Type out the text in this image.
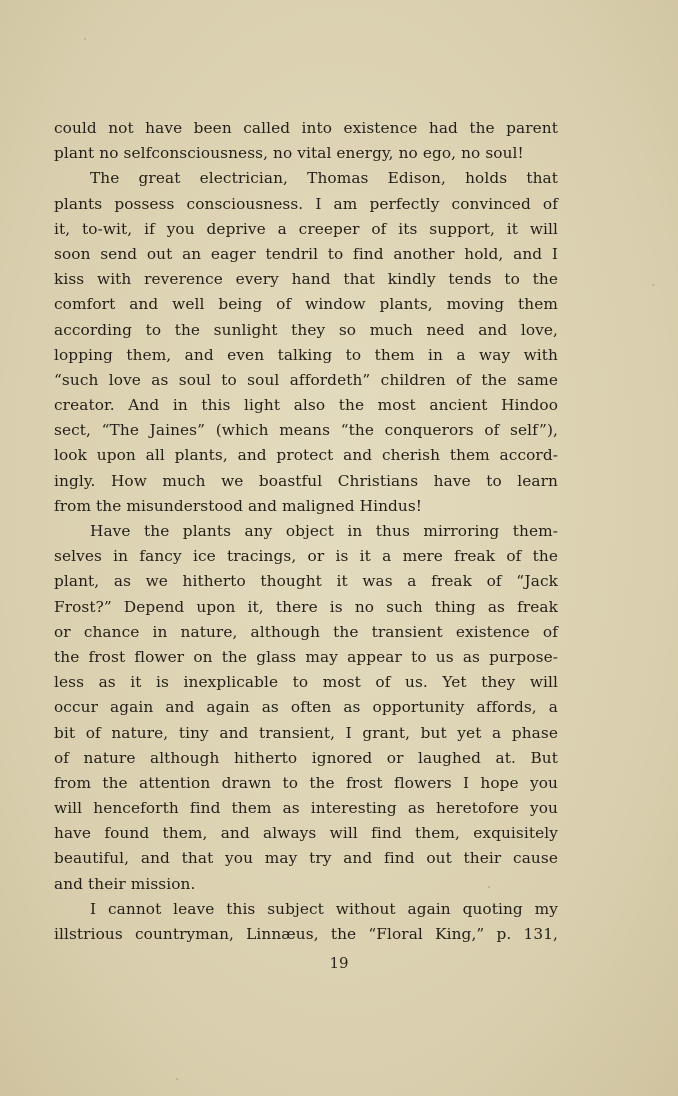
could not have been called into existence had the parent
plant no selfconsciousness, no vital energy, no ego, no soul!
The great electrician, Thomas Edison, holds that
plants possess consciousness. I am perfectly convinced of
it, to-wit, if you deprive a creeper of its support, it will
soon send out an eager tendril to find another hold, and I
kiss with reverence every hand that kindly tends to the
comfort and well being of window plants, moving them
according to the sunlight they so much need and love,
lopping them, and even talking to them in a way with
“such love as soul to soul affordeth” children of the same
creator. And in this light also the most ancient Hindoo
sect, “The Jaines” (which means “the conquerors of self”),
look upon all plants, and protect and cherish them accord-
ingly. How much we boastful Christians have to learn
from the misunderstood and maligned Hindus!
Have the plants any object in thus mirroring them-
selves in fancy ice tracings, or is it a mere freak of the
plant, as we hitherto thought it was a freak of “Jack
Frost?” Depend upon it, there is no such thing as freak
or chance in nature, although the transient existence of
the frost flower on the glass may appear to us as purpose-
less as it is inexplicable to most of us. Yet they will
occur again and again as often as opportunity affords, a
bit of nature, tiny and transient, I grant, but yet a phase
of nature although hitherto ignored or laughed at. But
from the attention drawn to the frost flowers I hope you
will henceforth find them as interesting as heretofore you
have found them, and always will find them, exquisitely
beautiful, and that you may try and find out their cause
and their mission.
I cannot leave this subject without again quoting my
illstrious countryman, Linnæus, the “Floral King,” p. 131,
19
